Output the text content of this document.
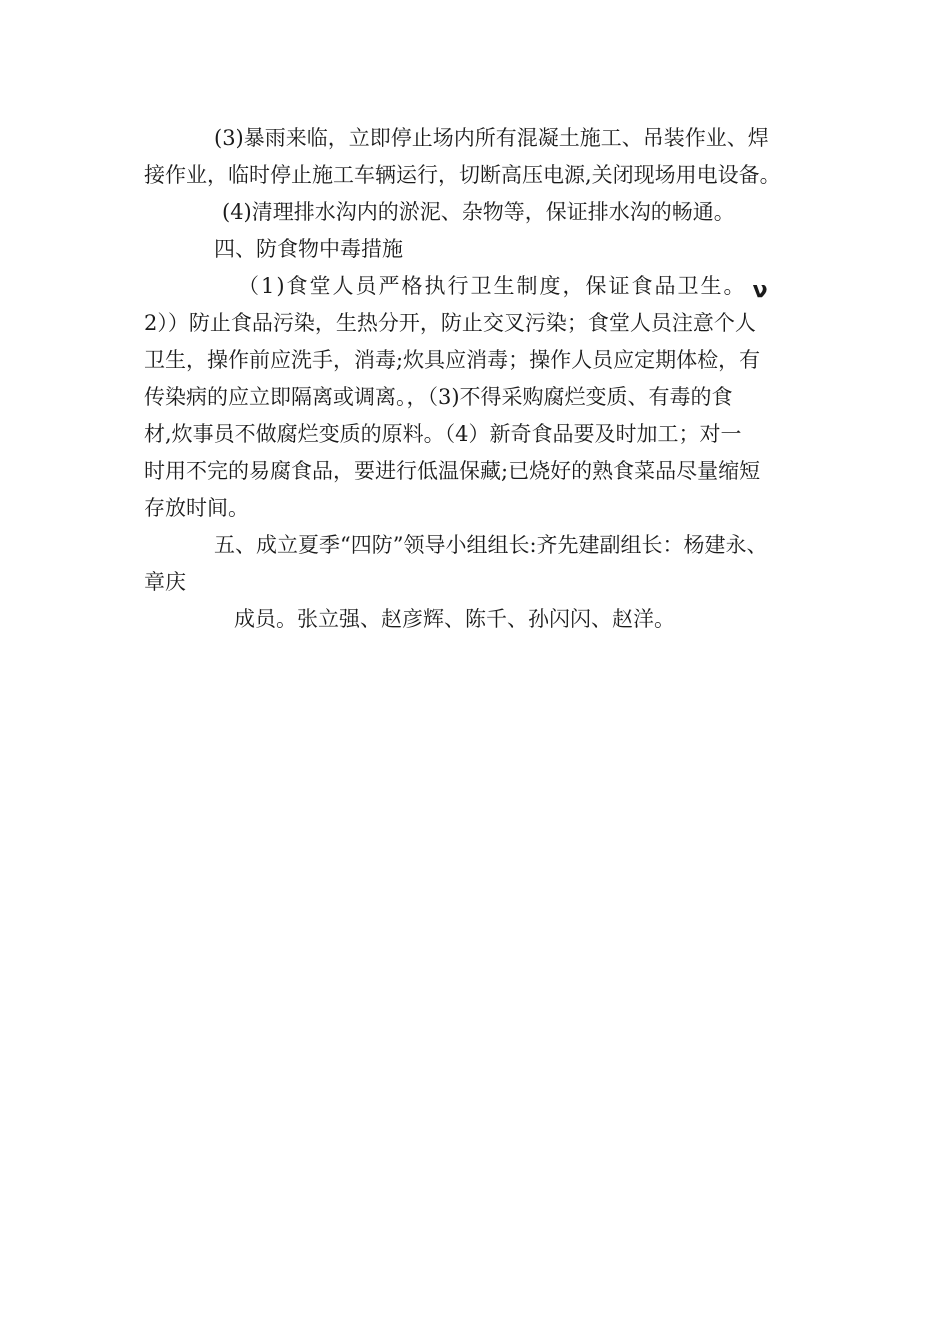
(3)暴雨来临，立即停止场内所有混凝土施工、吊装作业、焊
接作业，临时停止施工车辆运行，切断高压电源,关闭现场用电设备。
(4)清理排水沟内的淤泥、杂物等，保证排水沟的畅通。
四、防食物中毒措施
（1)食堂人员严格执行卫生制度，保证食品卫生。 ν
2））防止食品污染，生热分开，防止交叉污染；食堂人员注意个人
卫生，操作前应洗手，消毒;炊具应消毒；操作人员应定期体检，有
传染病的应立即隔离或调离。，（3)不得采购腐烂变质、有毒的食
材,炊事员不做腐烂变质的原料。（4）新奇食品要及时加工；对一
时用不完的易腐食品，要进行低温保藏;已烧好的熟食菜品尽量缩短
存放时间。
五、成立夏季“四防”领导小组组长:齐先建副组长：杨建永、
章庆
成员。张立强、赵彦辉、陈千、孙闪闪、赵洋。
